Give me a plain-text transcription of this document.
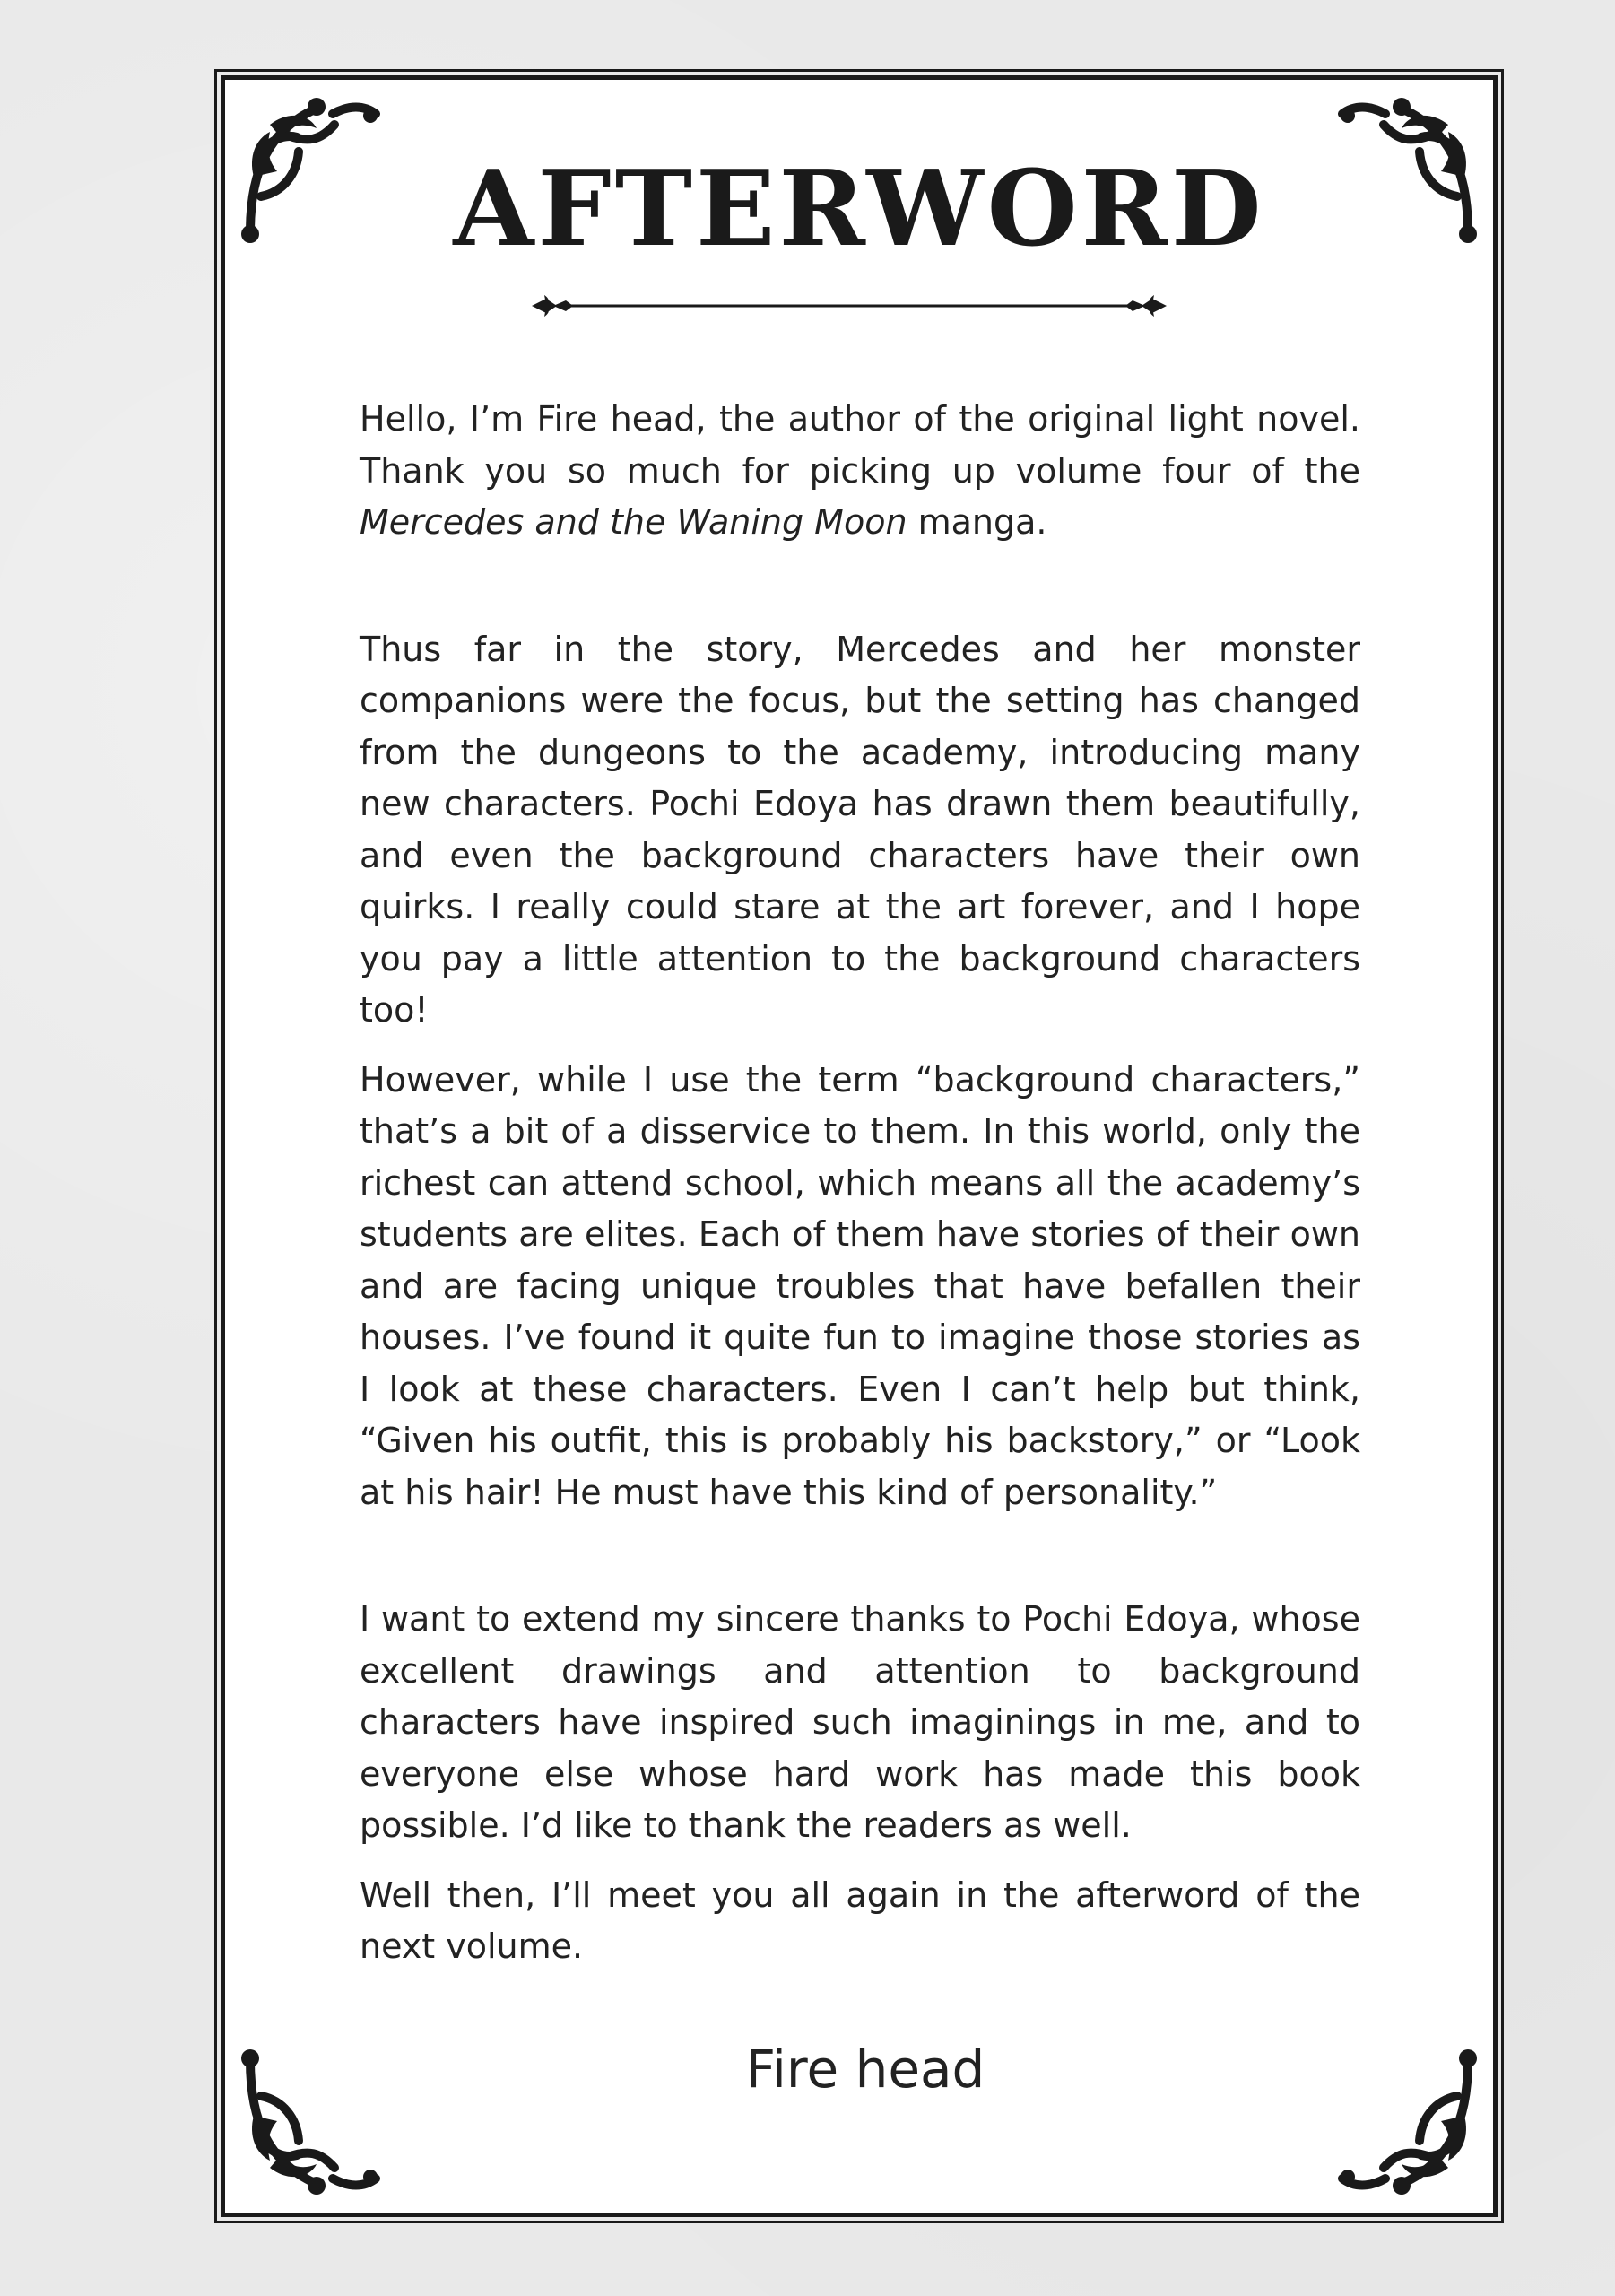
AFTERWORD

Hello, I’m Fire head, the author of the original light novel. Thank you so much for picking up volume four of the Mercedes and the Waning Moon manga.

Thus far in the story, Mercedes and her monster companions were the focus, but the setting has changed from the dungeons to the academy, introducing many new characters. Pochi Edoya has drawn them beautifully, and even the background characters have their own quirks. I really could stare at the art forever, and I hope you pay a little attention to the background characters too!

However, while I use the term “background characters,” that’s a bit of a disservice to them. In this world, only the richest can attend school, which means all the academy’s students are elites. Each of them have stories of their own and are facing unique troubles that have befallen their houses. I’ve found it quite fun to imagine those stories as I look at these characters. Even I can’t help but think, “Given his outfit, this is probably his backstory,” or “Look at his hair! He must have this kind of personality.”

I want to extend my sincere thanks to Pochi Edoya, whose excellent drawings and attention to background characters have inspired such imaginings in me, and to everyone else whose hard work has made this book possible. I’d like to thank the readers as well.

Well then, I’ll meet you all again in the afterword of the next volume.

Fire head
